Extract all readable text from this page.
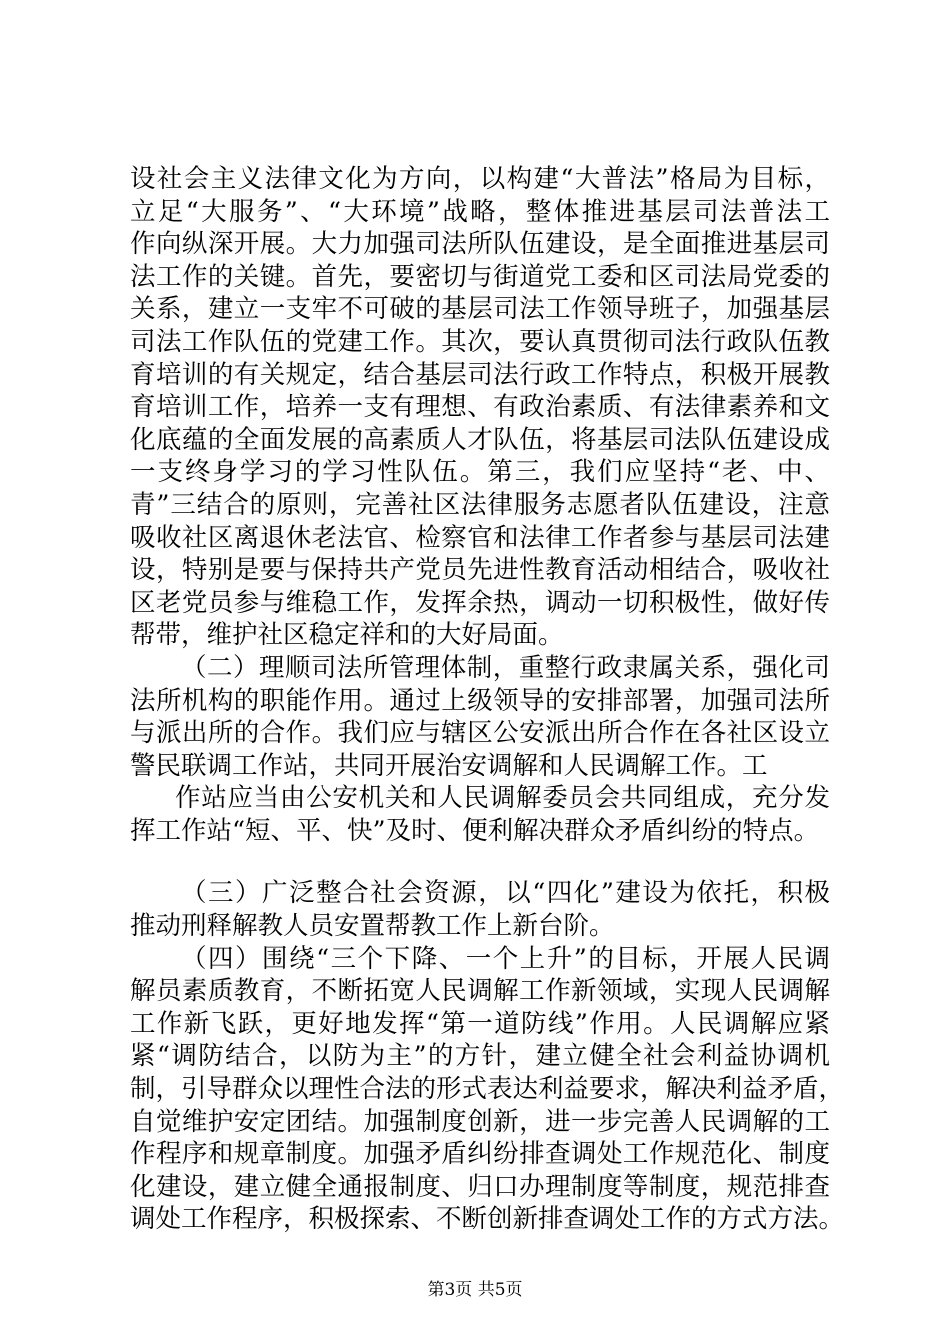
设社会主义法律文化为方向，以构建“大普法”格局为目标，
立足“大服务”、“大环境”战略，整体推进基层司法普法工
作向纵深开展。大力加强司法所队伍建设，是全面推进基层司
法工作的关键。首先，要密切与街道党工委和区司法局党委的
关系，建立一支牢不可破的基层司法工作领导班子，加强基层
司法工作队伍的党建工作。其次，要认真贯彻司法行政队伍教
育培训的有关规定，结合基层司法行政工作特点，积极开展教
育培训工作，培养一支有理想、有政治素质、有法律素养和文
化底蕴的全面发展的高素质人才队伍，将基层司法队伍建设成
一支终身学习的学习性队伍。第三，我们应坚持“老、中、
青”三结合的原则，完善社区法律服务志愿者队伍建设，注意
吸收社区离退休老法官、检察官和法律工作者参与基层司法建
设，特别是要与保持共产党员先进性教育活动相结合，吸收社
区老党员参与维稳工作，发挥余热，调动一切积极性，做好传
帮带，维护社区稳定祥和的大好局面。
（二）理顺司法所管理体制，重整行政隶属关系，强化司
法所机构的职能作用。通过上级领导的安排部署，加强司法所
与派出所的合作。我们应与辖区公安派出所合作在各社区设立
警民联调工作站，共同开展治安调解和人民调解工作。工
作站应当由公安机关和人民调解委员会共同组成，充分发
挥工作站“短、平、快”及时、便利解决群众矛盾纠纷的特点。
（三）广泛整合社会资源，以“四化”建设为依托，积极
推动刑释解教人员安置帮教工作上新台阶。
（四）围绕“三个下降、一个上升”的目标，开展人民调
解员素质教育，不断拓宽人民调解工作新领域，实现人民调解
工作新飞跃，更好地发挥“第一道防线”作用。人民调解应紧
紧“调防结合，以防为主”的方针，建立健全社会利益协调机
制，引导群众以理性合法的形式表达利益要求，解决利益矛盾，
自觉维护安定团结。加强制度创新，进一步完善人民调解的工
作程序和规章制度。加强矛盾纠纷排查调处工作规范化、制度
化建设，建立健全通报制度、归口办理制度等制度，规范排查
调处工作程序，积极探索、不断创新排查调处工作的方式方法。
第3页 共5页
